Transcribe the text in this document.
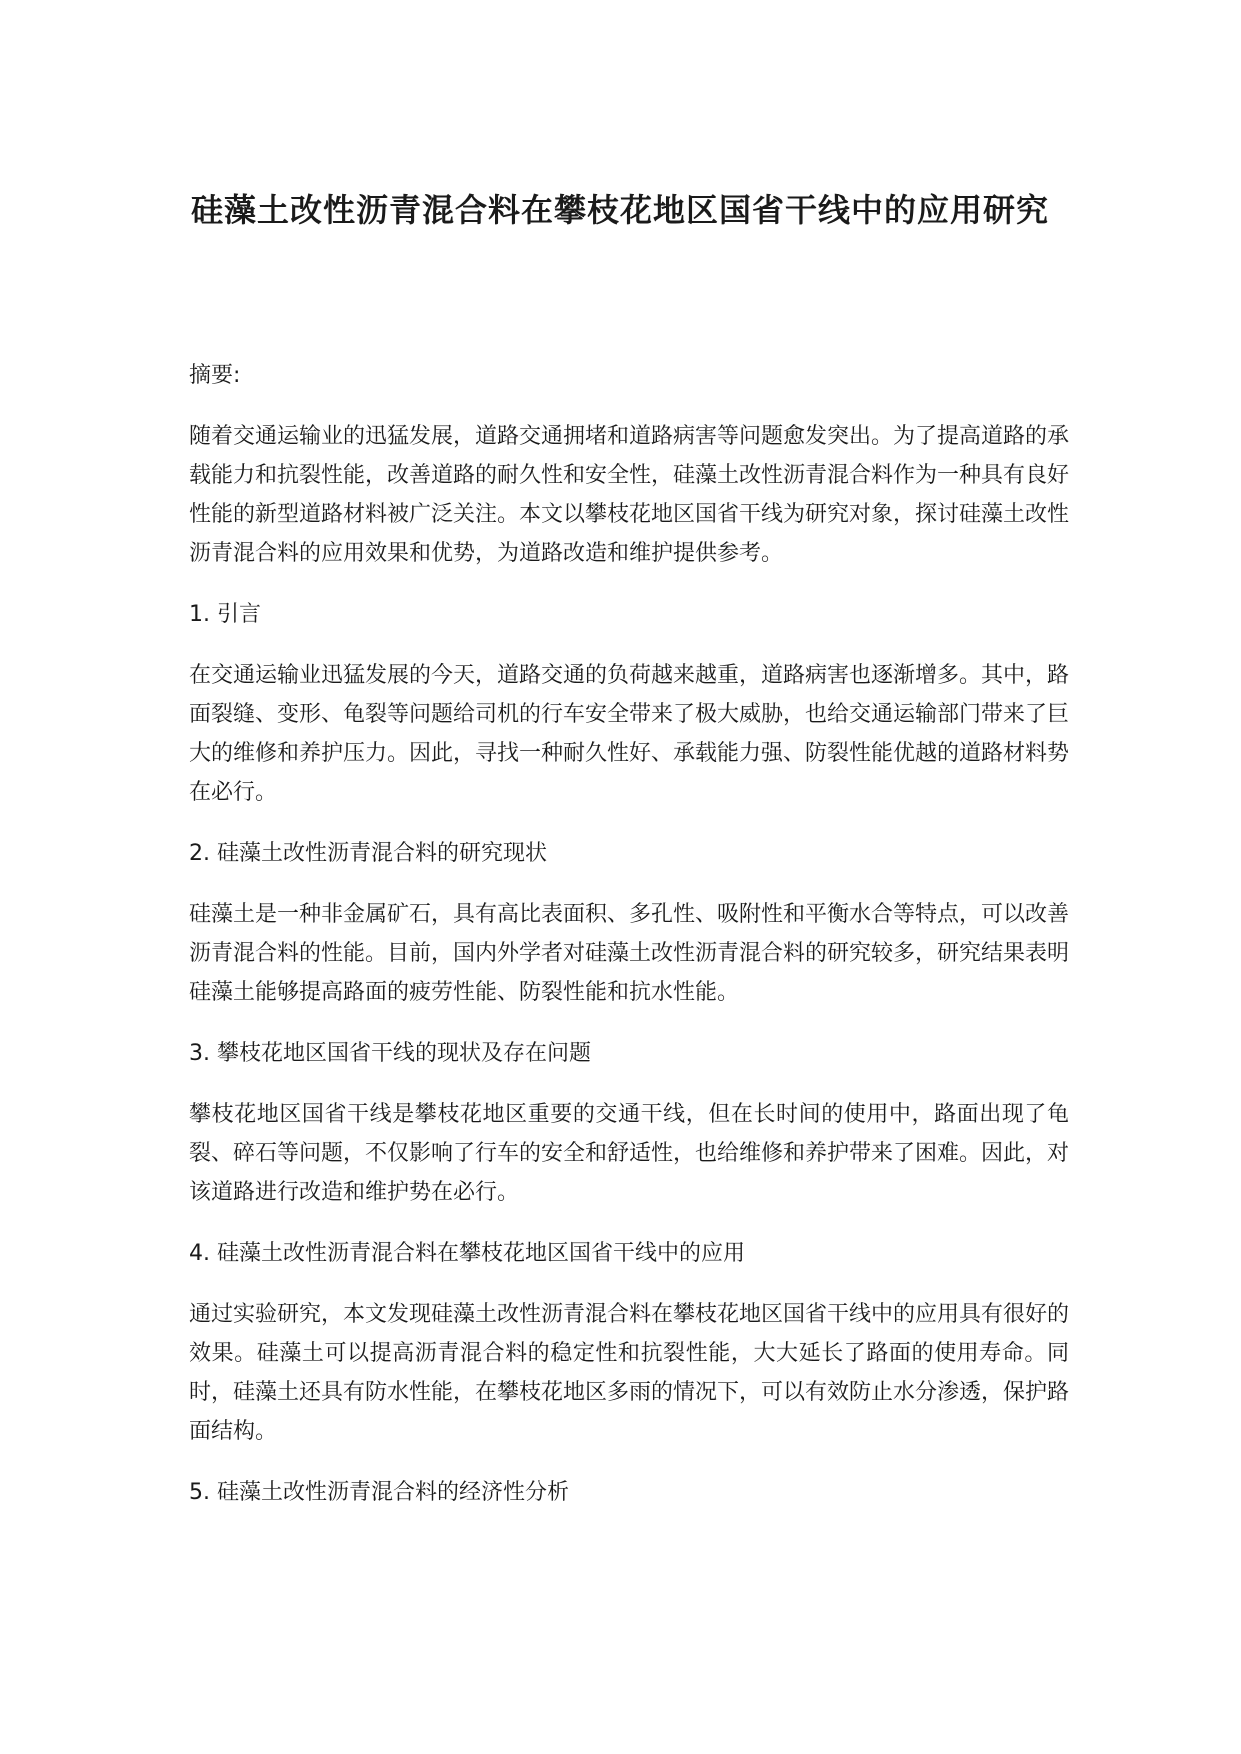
硅藻土改性沥青混合料在攀枝花地区国省干线中的应用研究

摘要:

随着交通运输业的迅猛发展，道路交通拥堵和道路病害等问题愈发突出。为了提高道路的承载能力和抗裂性能，改善道路的耐久性和安全性，硅藻土改性沥青混合料作为一种具有良好性能的新型道路材料被广泛关注。本文以攀枝花地区国省干线为研究对象，探讨硅藻土改性沥青混合料的应用效果和优势，为道路改造和维护提供参考。

1. 引言

在交通运输业迅猛发展的今天，道路交通的负荷越来越重，道路病害也逐渐增多。其中，路面裂缝、变形、龟裂等问题给司机的行车安全带来了极大威胁，也给交通运输部门带来了巨大的维修和养护压力。因此，寻找一种耐久性好、承载能力强、防裂性能优越的道路材料势在必行。

2. 硅藻土改性沥青混合料的研究现状

硅藻土是一种非金属矿石，具有高比表面积、多孔性、吸附性和平衡水合等特点，可以改善沥青混合料的性能。目前，国内外学者对硅藻土改性沥青混合料的研究较多，研究结果表明硅藻土能够提高路面的疲劳性能、防裂性能和抗水性能。

3. 攀枝花地区国省干线的现状及存在问题

攀枝花地区国省干线是攀枝花地区重要的交通干线，但在长时间的使用中，路面出现了龟裂、碎石等问题，不仅影响了行车的安全和舒适性，也给维修和养护带来了困难。因此，对该道路进行改造和维护势在必行。

4. 硅藻土改性沥青混合料在攀枝花地区国省干线中的应用

通过实验研究，本文发现硅藻土改性沥青混合料在攀枝花地区国省干线中的应用具有很好的效果。硅藻土可以提高沥青混合料的稳定性和抗裂性能，大大延长了路面的使用寿命。同时，硅藻土还具有防水性能，在攀枝花地区多雨的情况下，可以有效防止水分渗透，保护路面结构。

5. 硅藻土改性沥青混合料的经济性分析
